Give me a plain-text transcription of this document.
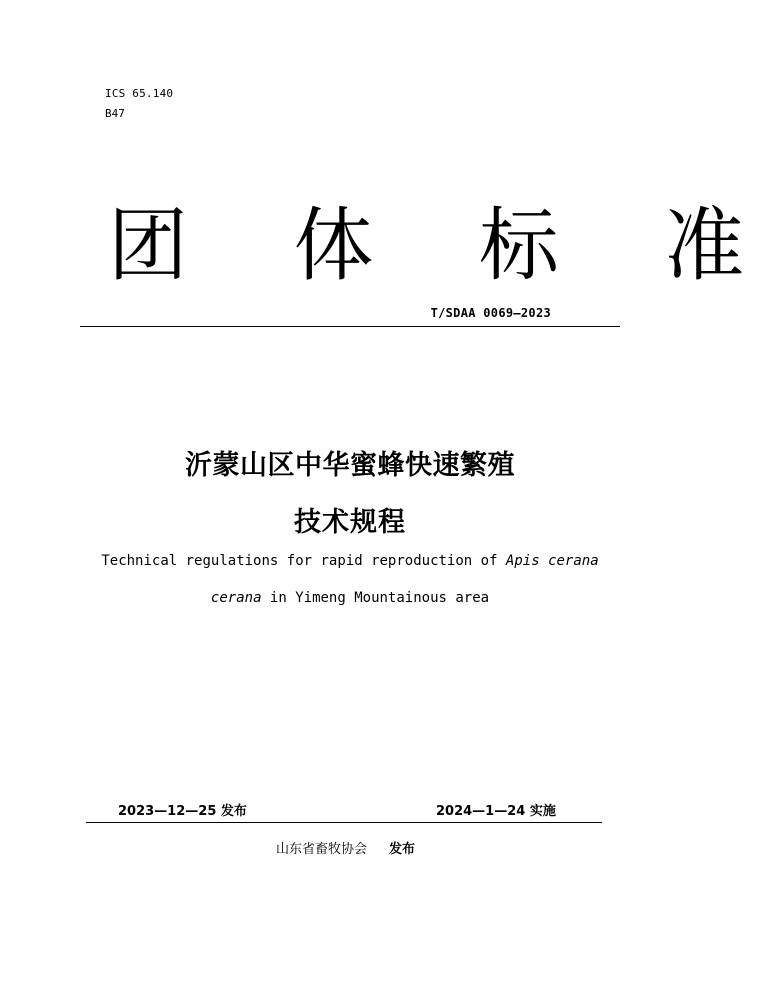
ICS 65.140
B47
团 体 标 准
T/SDAA 0069—2023
沂蒙山区中华蜜蜂快速繁殖
技术规程
Technical regulations for rapid reproduction of Apis cerana
cerana in Yimeng Mountainous area
2023—12—25 发布	2024—1—24 实施
山东省畜牧协会 发布
